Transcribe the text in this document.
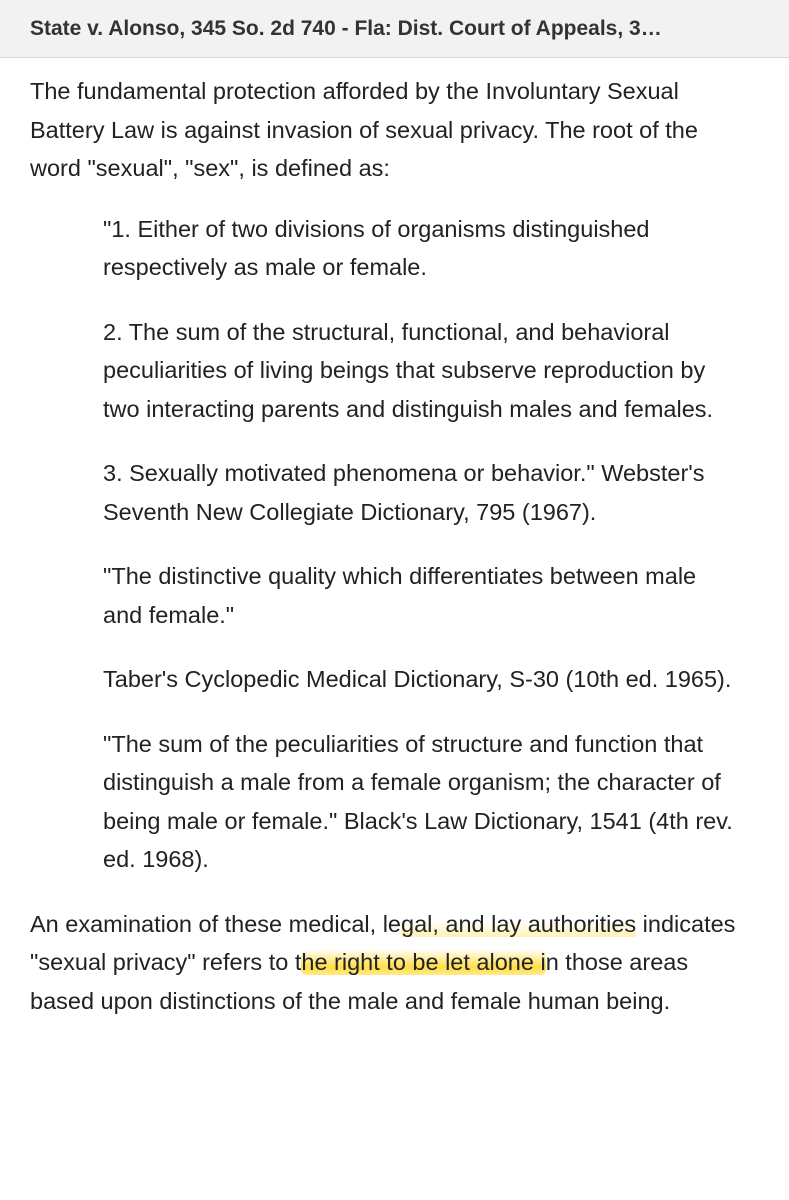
State v. Alonso, 345 So. 2d 740 - Fla: Dist. Court of Appeals, 3…

The fundamental protection afforded by the Involuntary Sexual Battery Law is against invasion of sexual privacy. The root of the word "sexual", "sex", is defined as:

"1. Either of two divisions of organisms distinguished respectively as male or female.

2. The sum of the structural, functional, and behavioral peculiarities of living beings that subserve reproduction by two interacting parents and distinguish males and females.

3. Sexually motivated phenomena or behavior." Webster's Seventh New Collegiate Dictionary, 795 (1967).

"The distinctive quality which differentiates between male and female."

Taber's Cyclopedic Medical Dictionary, S-30 (10th ed. 1965).

"The sum of the peculiarities of structure and function that distinguish a male from a female organism; the character of being male or female." Black's Law Dictionary, 1541 (4th rev. ed. 1968).

An examination of these medical, legal, and lay authorities indicates "sexual privacy" refers to the right to be let alone in those areas based upon distinctions of the male and female human being.
